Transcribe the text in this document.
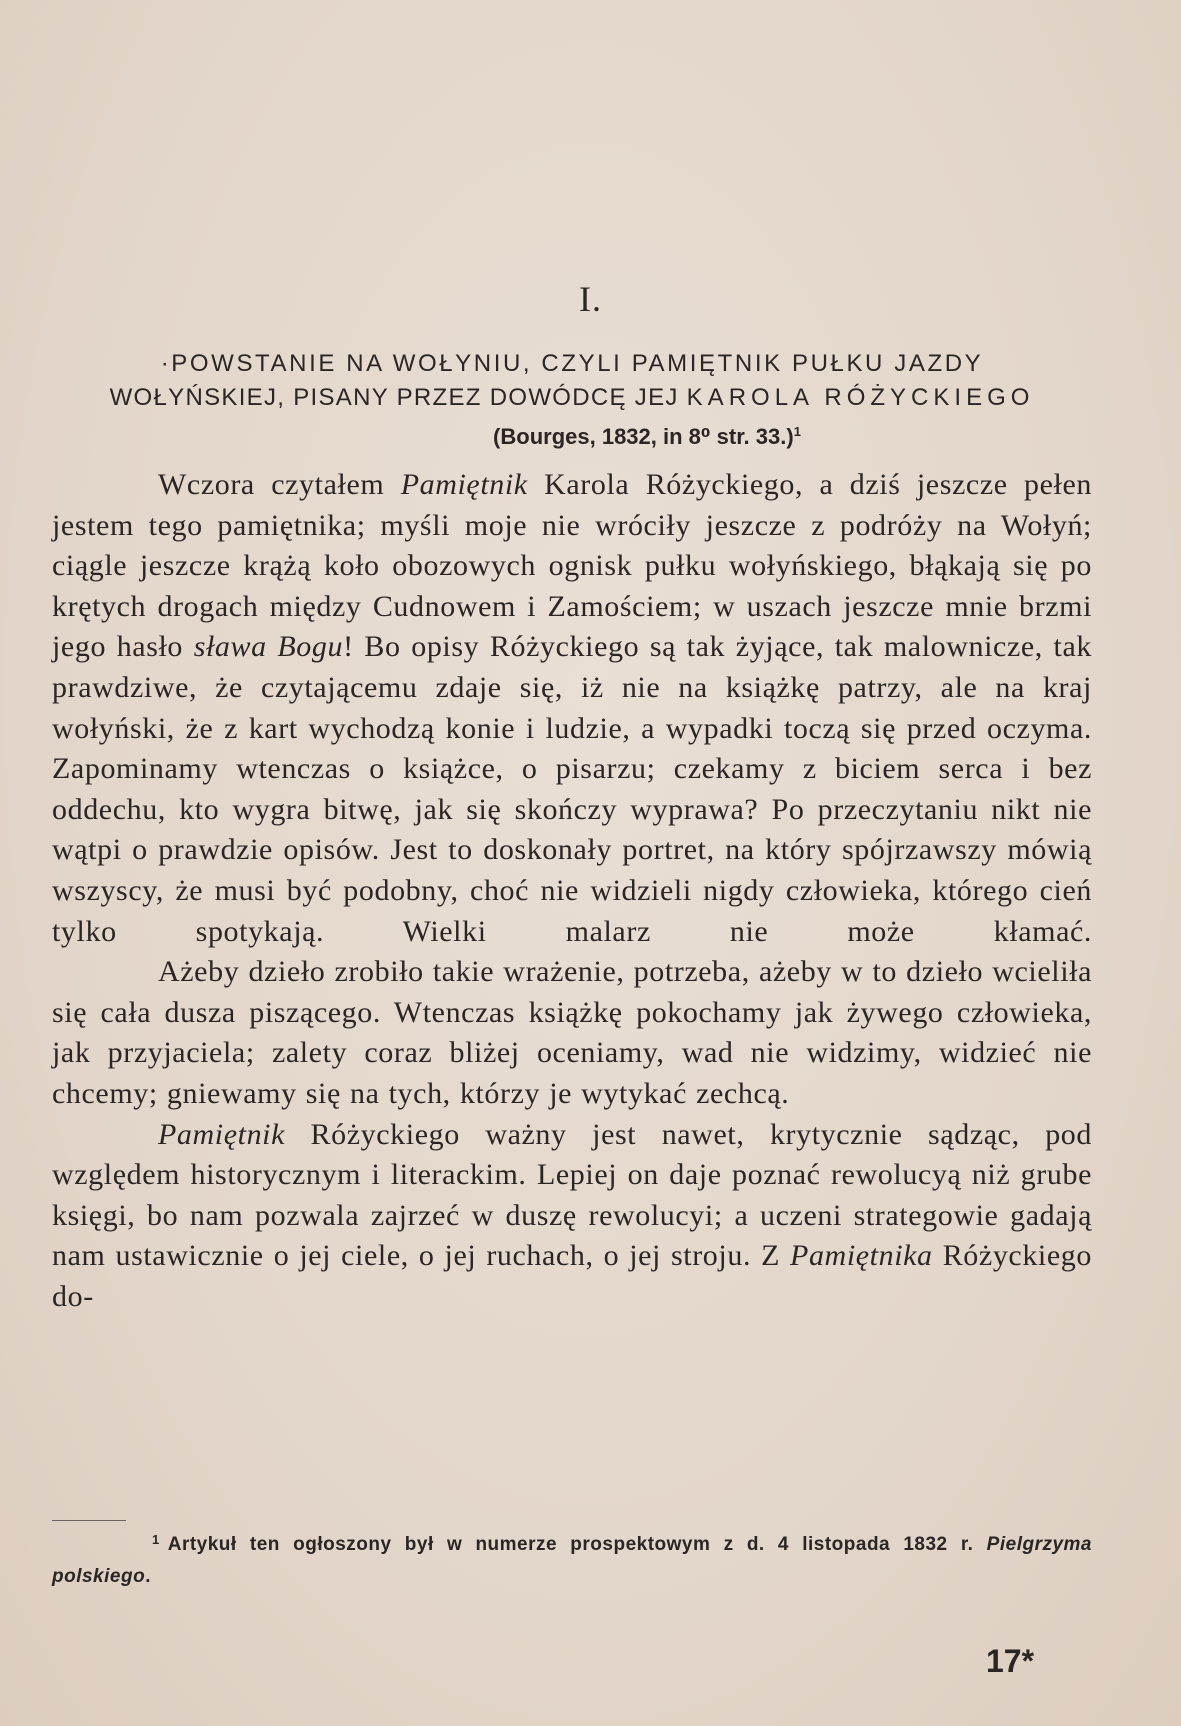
I.
·POWSTANIE NA WOŁYNIU, CZYLI PAMIĘTNIK PUŁKU JAZDY
WOŁYŃSKIEJ, PISANY PRZEZ DOWÓDCĘ JEJ KAROLA RÓŻYCKIEGO
(Bourges, 1832, in 8⁰ str. 33.)$^1$

Wczora czytałem Pamiętnik Karola Różyckiego, a dziś jeszcze pełen jestem tego pamiętnika; myśli moje nie wróciły jeszcze z podróży na Wołyń; ciągle jeszcze krążą koło obozowych ognisk pułku wołyńskiego, błąkają się po krętych drogach między Cudnowem i Zamościem; w uszach jeszcze mnie brzmi jego hasło sława Bogu! Bo opisy Różyckiego są tak żyjące, tak malownicze, tak prawdziwe, że czytającemu zdaje się, iż nie na książkę patrzy, ale na kraj wołyński, że z kart wychodzą konie i ludzie, a wypadki toczą się przed oczyma. Zapominamy wtenczas o książce, o pisarzu; czekamy z biciem serca i bez oddechu, kto wygra bitwę, jak się skończy wyprawa? Po przeczytaniu nikt nie wątpi o prawdzie opisów. Jest to doskonały portret, na który spójrzawszy mówią wszyscy, że musi być podobny, choć nie widzieli nigdy człowieka, którego cień tylko spotykają. Wielki malarz nie może kłamać.

Ażeby dzieło zrobiło takie wrażenie, potrzeba, ażeby w to dzieło wcieliła się cała dusza piszącego. Wtenczas książkę pokochamy jak żywego człowieka, jak przyjaciela; zalety coraz bliżej oceniamy, wad nie widzimy, widzieć nie chcemy; gniewamy się na tych, którzy je wytykać zechcą.

Pamiętnik Różyckiego ważny jest nawet, krytycznie sądząc, pod względem historycznym i literackim. Lepiej on daje poznać rewolucyą niż grube księgi, bo nam pozwala zajrzeć w duszę rewolucyi; a uczeni strategowie gadają nam ustawicznie o jej ciele, o jej ruchach, o jej stroju. Z Pamiętnika Różyckiego do-

$^1$ Artykuł ten ogłoszony był w numerze prospektowym z d. 4 listopada 1832 r. Pielgrzyma polskiego.
17*
